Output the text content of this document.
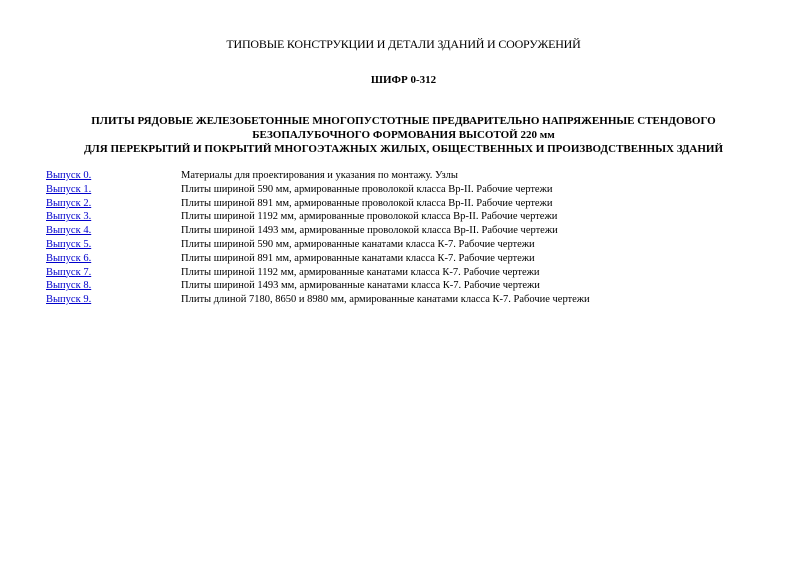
ТИПОВЫЕ КОНСТРУКЦИИ И ДЕТАЛИ ЗДАНИЙ И СООРУЖЕНИЙ
ШИФР 0-312
ПЛИТЫ РЯДОВЫЕ ЖЕЛЕЗОБЕТОННЫЕ МНОГОПУСТОТНЫЕ ПРЕДВАРИТЕЛЬНО НАПРЯЖЕННЫЕ СТЕНДОВОГО
БЕЗОПАЛУБОЧНОГО ФОРМОВАНИЯ ВЫСОТОЙ 220 мм
ДЛЯ ПЕРЕКРЫТИЙ И ПОКРЫТИЙ МНОГОЭТАЖНЫХ ЖИЛЫХ, ОБЩЕСТВЕННЫХ И ПРОИЗВОДСТВЕННЫХ ЗДАНИЙ
Выпуск 0.	Материалы для проектирования и указания по монтажу. Узлы
Выпуск 1.	Плиты шириной 590 мм, армированные проволокой класса Вр-II. Рабочие чертежи
Выпуск 2.	Плиты шириной 891 мм, армированные проволокой класса Вр-II. Рабочие чертежи
Выпуск 3.	Плиты шириной 1192 мм, армированные проволокой класса Вр-II. Рабочие чертежи
Выпуск 4.	Плиты шириной 1493 мм, армированные проволокой класса Вр-II. Рабочие чертежи
Выпуск 5.	Плиты шириной 590 мм, армированные канатами класса К-7. Рабочие чертежи
Выпуск 6.	Плиты шириной 891 мм, армированные канатами класса К-7. Рабочие чертежи
Выпуск 7.	Плиты шириной 1192 мм, армированные канатами класса К-7. Рабочие чертежи
Выпуск 8.	Плиты шириной 1493 мм, армированные канатами класса К-7. Рабочие чертежи
Выпуск 9.	Плиты длиной 7180, 8650 и 8980 мм, армированные канатами класса К-7. Рабочие чертежи
